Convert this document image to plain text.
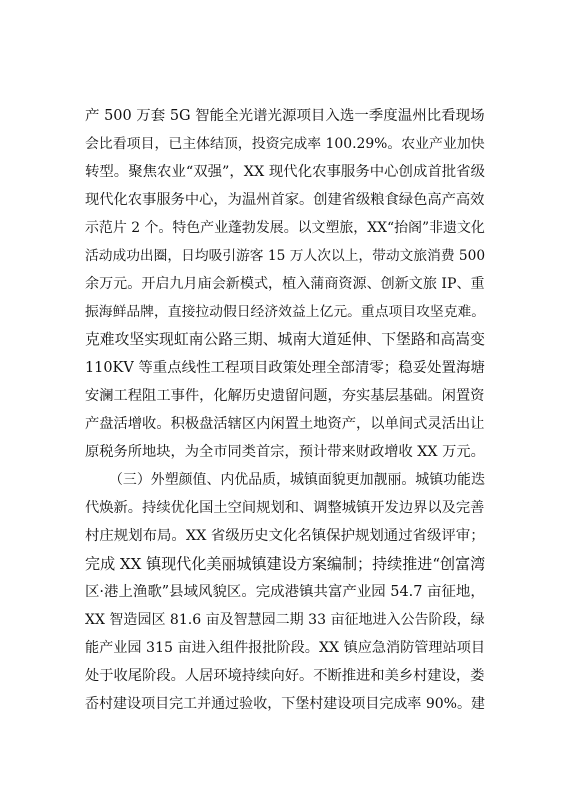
产 500 万套 5G 智能全光谱光源项目入选一季度温州比看现场
会比看项目，已主体结顶，投资完成率 100.29%。农业产业加快
转型。聚焦农业“双强”，XX 现代化农事服务中心创成首批省级
现代化农事服务中心，为温州首家。创建省级粮食绿色高产高效
示范片 2 个。特色产业蓬勃发展。以文塑旅，XX“抬阁”非遗文化
活动成功出圈，日均吸引游客 15 万人次以上，带动文旅消费 500
余万元。开启九月庙会新模式，植入蒲商资源、创新文旅 IP、重
振海鲜品牌，直接拉动假日经济效益上亿元。重点项目攻坚克难。
克难攻坚实现虹南公路三期、城南大道延伸、下堡路和高嵩变
110KV 等重点线性工程项目政策处理全部清零；稳妥处置海塘
安澜工程阻工事件，化解历史遗留问题，夯实基层基础。闲置资
产盘活增收。积极盘活辖区内闲置土地资产，以单间式灵活出让
原税务所地块，为全市同类首宗，预计带来财政增收 XX 万元。
（三）外塑颜值、内优品质，城镇面貌更加靓丽。城镇功能迭
代焕新。持续优化国土空间规划和、调整城镇开发边界以及完善
村庄规划布局。XX 省级历史文化名镇保护规划通过省级评审；
完成 XX 镇现代化美丽城镇建设方案编制；持续推进“创富湾
区·港上渔歌”县域风貌区。完成港镇共富产业园 54.7 亩征地，
XX 智造园区 81.6 亩及智慧园二期 33 亩征地进入公告阶段，绿
能产业园 315 亩进入组件报批阶段。XX 镇应急消防管理站项目
处于收尾阶段。人居环境持续向好。不断推进和美乡村建设，娄
岙村建设项目完工并通过验收，下堡村建设项目完成率 90%。建
